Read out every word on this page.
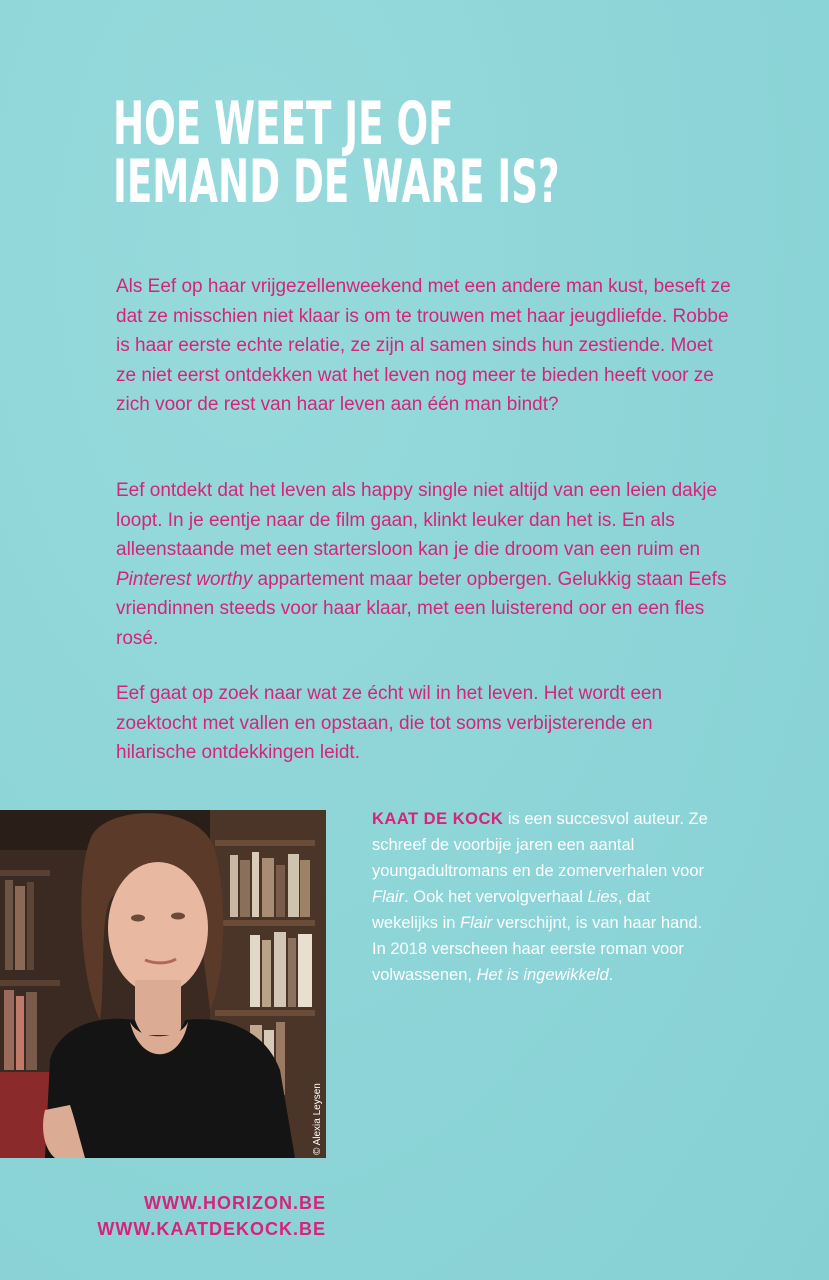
HOE WEET JE OF
IEMAND DE WARE IS?

Als Eef op haar vrijgezellenweekend met een andere man kust, beseft ze dat ze misschien niet klaar is om te trouwen met haar jeugdliefde. Robbe is haar eerste echte relatie, ze zijn al samen sinds hun zestiende. Moet ze niet eerst ontdekken wat het leven nog meer te bieden heeft voor ze zich voor de rest van haar leven aan één man bindt?

Eef ontdekt dat het leven als happy single niet altijd van een leien dakje loopt. In je eentje naar de film gaan, klinkt leuker dan het is. En als alleenstaande met een startersloon kan je die droom van een ruim en Pinterest worthy appartement maar beter opbergen. Gelukkig staan Eefs vriendinnen steeds voor haar klaar, met een luisterend oor en een fles rosé.

Eef gaat op zoek naar wat ze écht wil in het leven. Het wordt een zoektocht met vallen en opstaan, die tot soms verbijsterende en hilarische ontdekkingen leidt.

© Alexia Leysen

KAAT DE KOCK is een succesvol auteur. Ze schreef de voorbije jaren een aantal youngadultromans en de zomerverhalen voor Flair. Ook het vervolgverhaal Lies, dat wekelijks in Flair verschijnt, is van haar hand. In 2018 verscheen haar eerste roman voor volwassenen, Het is ingewikkeld.

WWW.HORIZON.BE
WWW.KAATDEKOCK.BE
